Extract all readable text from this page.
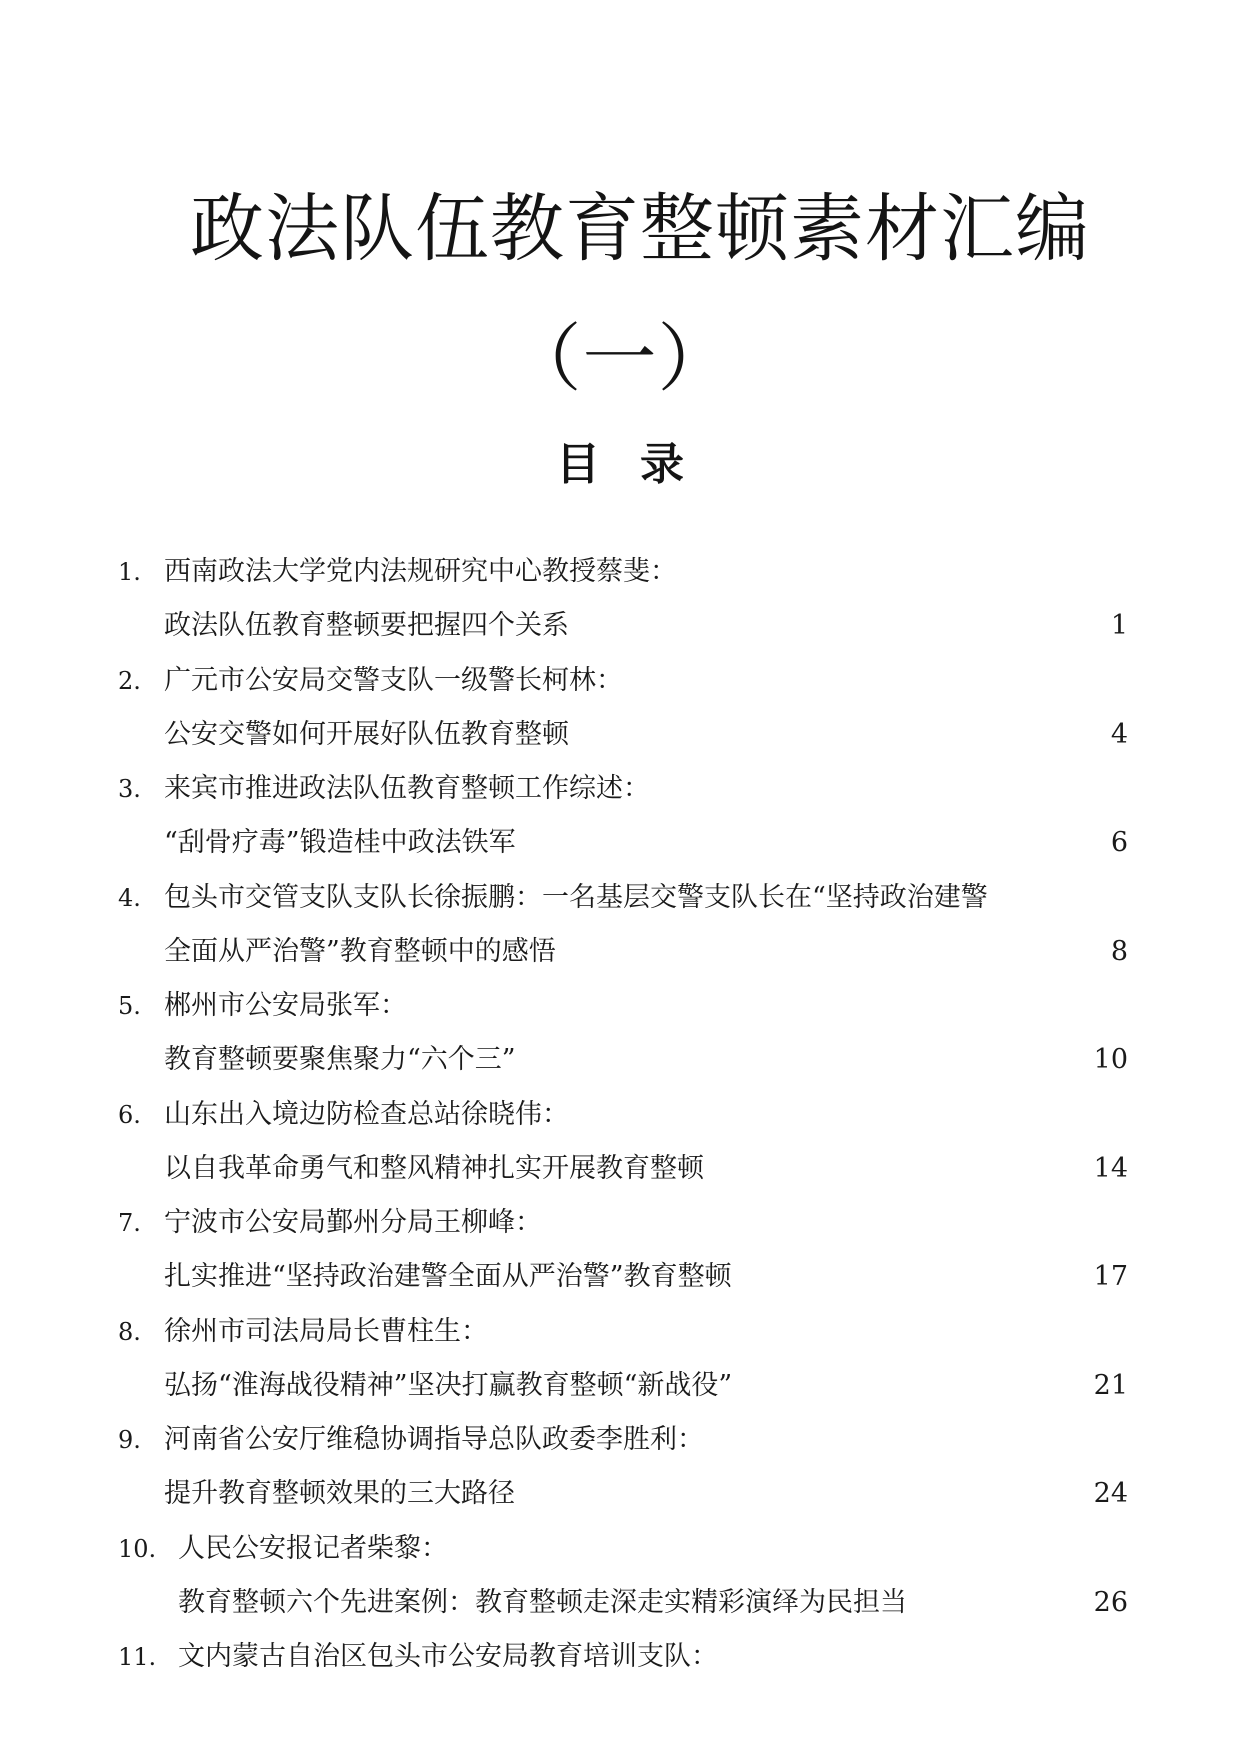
政法队伍教育整顿素材汇编
（一）
目录
1. 西南政法大学党内法规研究中心教授蔡斐：
政法队伍教育整顿要把握四个关系	1
2. 广元市公安局交警支队一级警长柯林：
公安交警如何开展好队伍教育整顿	4
3. 来宾市推进政法队伍教育整顿工作综述：
“刮骨疗毒”锻造桂中政法铁军	6
4. 包头市交管支队支队长徐振鹏：一名基层交警支队长在“坚持政治建警
全面从严治警”教育整顿中的感悟	8
5. 郴州市公安局张军：
教育整顿要聚焦聚力“六个三”	10
6. 山东出入境边防检查总站徐晓伟：
以自我革命勇气和整风精神扎实开展教育整顿	14
7. 宁波市公安局鄞州分局王柳峰：
扎实推进“坚持政治建警全面从严治警”教育整顿	17
8. 徐州市司法局局长曹柱生：
弘扬“淮海战役精神”坚决打赢教育整顿“新战役”	21
9. 河南省公安厅维稳协调指导总队政委李胜利：
提升教育整顿效果的三大路径	24
10. 人民公安报记者柴黎：
教育整顿六个先进案例：教育整顿走深走实精彩演绎为民担当	26
11. 文内蒙古自治区包头市公安局教育培训支队：
